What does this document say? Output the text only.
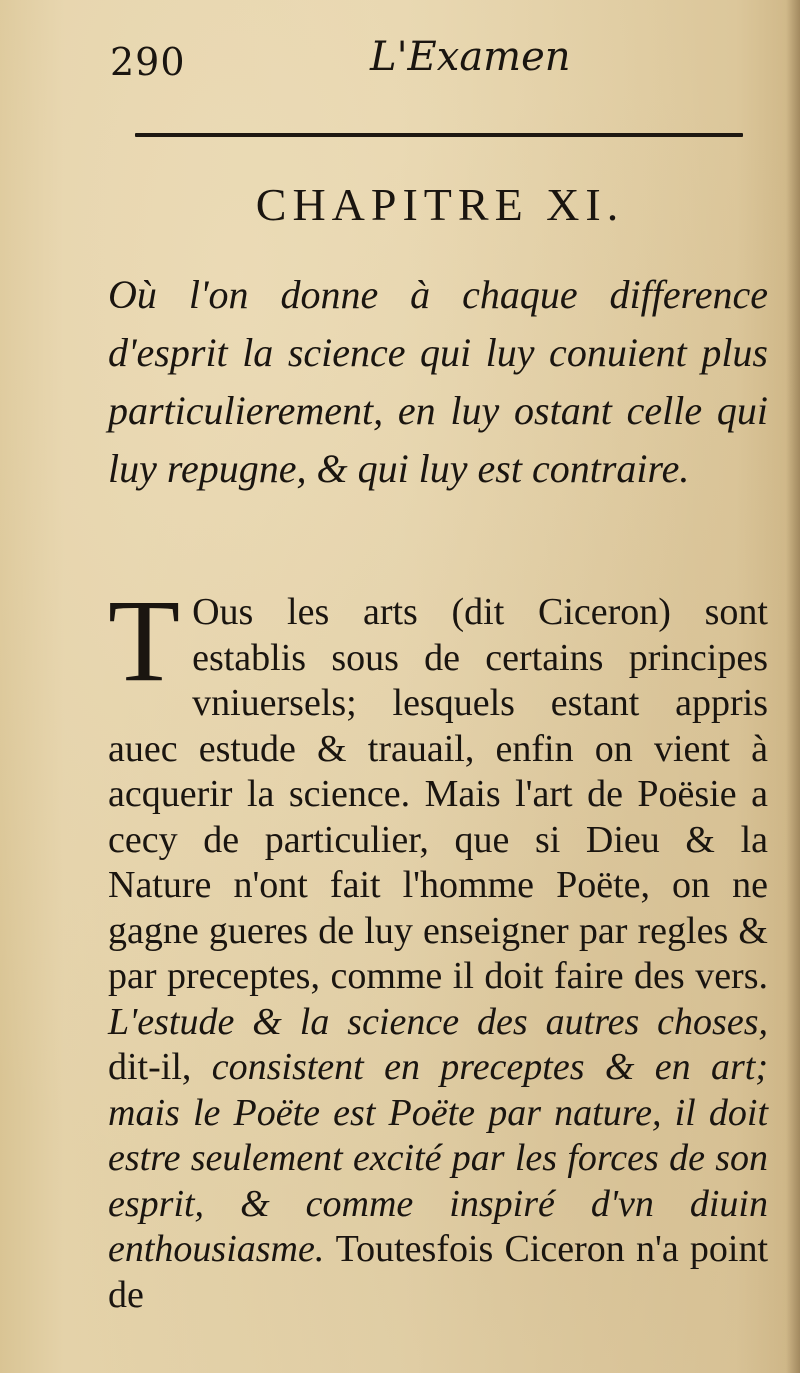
290	L'Examen
CHAPITRE XI.

Où l'on donne à chaque difference d'esprit la science qui luy conuient plus particulierement, en luy ostant celle qui luy repugne, & qui luy est contraire.

T Ous les arts (dit Ciceron) sont establis sous de certains principes vniuersels; lesquels estant appris auec estude & trauail, enfin on vient à acquerir la science. Mais l'art de Poësie a cecy de particulier, que si Dieu & la Nature n'ont fait l'homme Poëte, on ne gagne gueres de luy enseigner par regles & par preceptes, comme il doit faire des vers. L'estude & la science des autres choses, dit-il, consistent en preceptes & en art; mais le Poëte est Poëte par nature, il doit estre seulement excité par les forces de son esprit, & comme inspiré d'vn diuin enthousiasme. Toutesfois Ciceron n'a point de
